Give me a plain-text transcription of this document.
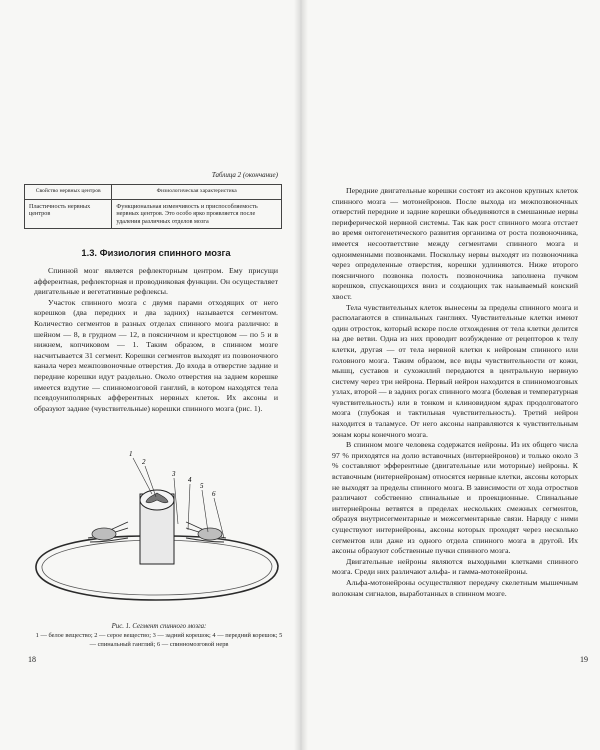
Таблица 2 (окончание)
Свойство нервных центров	Физиологическая характеристика
Пластичность нервных центров	Функциональная изменчивость и приспособляемость нервных центров. Это особо ярко проявляется после удаления различных отделов мозга
1.3. Физиология спинного мозга

Спинной мозг является рефлекторным центром. Ему присущи афферентная, рефлекторная и проводниковая функции. Он осуществляет двигательные и вегетативные рефлексы.

Участок спинного мозга с двумя парами отходящих от него корешков (два передних и два задних) называется сегментом. Количество сегментов в разных отделах спинного мозга различно: в шейном — 8, в грудном — 12, в поясничном и крестцовом — по 5 и в нижнем, копчиковом — 1. Таким образом, в спинном мозге насчитывается 31 сегмент. Корешки сегментов выходят из позвоночного канала через межпозвоночные отверстия. До входа в отверстие задние и передние корешки идут раздельно. Около отверстия на заднем корешке имеется вздутие — спинномозговой ганглий, в котором находятся тела псевдоуниполярных афферентных нервных клеток. Их аксоны и образуют задние (чувствительные) корешки спинного мозга (рис. 1).

1
2
3
4
5
6
Рис. 1. Сегмент спинного мозга:
1 — белое вещество; 2 — серое вещество; 3 — задний корешок; 4 — передний корешок; 5 — спинальный ганглий; 6 — спинномозговой нерв
18

Передние двигательные корешки состоят из аксонов крупных клеток спинного мозга — мотонейронов. После выхода из межпозвоночных отверстий передние и задние корешки объединяются в смешанные нервы периферической нервной системы. Так как рост спинного мозга отстает во время онтогенетического развития организма от роста позвоночника, имеется несоответствие между сегментами спинного мозга и одноименными позвонками. Поскольку нервы выходят из позвоночника через определенные отверстия, корешки удлиняются. Ниже второго поясничного позвонка полость позвоночника заполнена пучком корешков, спускающихся вниз и создающих так называемый конский хвост.

Тела чувствительных клеток вынесены за пределы спинного мозга и располагаются в спинальных ганглиях. Чувствительные клетки имеют один отросток, который вскоре после отхождения от тела клетки делится на две ветви. Одна из них проводит возбуждение от рецепторов к телу клетки, другая — от тела нервной клетки к нейронам спинного или головного мозга. Таким образом, все виды чувствительности от кожи, мышц, суставов и сухожилий передаются в центральную нервную систему через три нейрона. Первый нейрон находится в спинномозговых узлах, второй — в задних рогах спинного мозга (болевая и температурная чувствительность) или в тонком и клиновидном ядрах продолговатого мозга (глубокая и тактильная чувствительность). Третий нейрон находится в таламусе. От него аксоны направляются к чувствительным зонам коры конечного мозга.

В спинном мозге человека содержатся нейроны. Из их общего числа 97 % приходятся на долю вставочных (интернейронов) и только около 3 % составляют эфферентные (двигательные или моторные) нейроны. К вставочным (интернейронам) относятся нервные клетки, аксоны которых не выходят за пределы спинного мозга. В зависимости от хода отростков различают собственно спинальные и проекционные. Спинальные интернейроны ветвятся в пределах нескольких смежных сегментов, образуя внутрисегментарные и межсегментарные связи. Наряду с ними существуют интернейроны, аксоны которых проходят через несколько сегментов или даже из одного отдела спинного мозга в другой. Их аксоны образуют собственные пучки спинного мозга.

Двигательные нейроны являются выходными клетками спинного мозга. Среди них различают альфа- и гамма-мотонейроны.

Альфа-мотонейроны осуществляют передачу скелетным мышечным волокнам сигналов, выработанных в спинном мозге.

19
